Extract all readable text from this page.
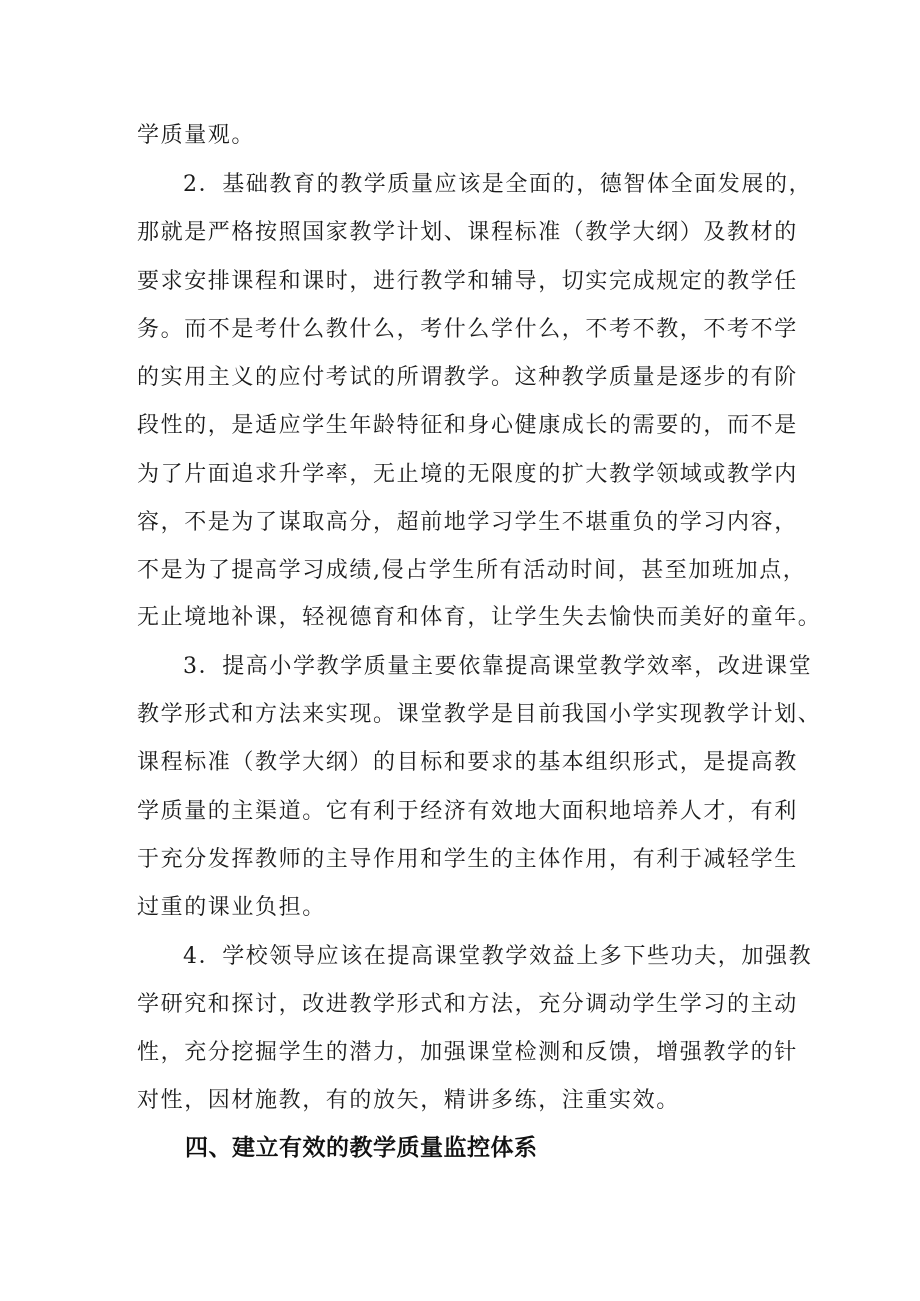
学质量观。
2．基础教育的教学质量应该是全面的，德智体全面发展的，
那就是严格按照国家教学计划、课程标准（教学大纲）及教材的
要求安排课程和课时，进行教学和辅导，切实完成规定的教学任
务。而不是考什么教什么，考什么学什么，不考不教，不考不学
的实用主义的应付考试的所谓教学。这种教学质量是逐步的有阶
段性的，是适应学生年龄特征和身心健康成长的需要的，而不是
为了片面追求升学率，无止境的无限度的扩大教学领域或教学内
容，不是为了谋取高分，超前地学习学生不堪重负的学习内容，
不是为了提高学习成绩,侵占学生所有活动时间，甚至加班加点，
无止境地补课，轻视德育和体育，让学生失去愉快而美好的童年。
3．提高小学教学质量主要依靠提高课堂教学效率，改进课堂
教学形式和方法来实现。课堂教学是目前我国小学实现教学计划、
课程标准（教学大纲）的目标和要求的基本组织形式，是提高教
学质量的主渠道。它有利于经济有效地大面积地培养人才，有利
于充分发挥教师的主导作用和学生的主体作用，有利于减轻学生
过重的课业负担。
4．学校领导应该在提高课堂教学效益上多下些功夫，加强教
学研究和探讨，改进教学形式和方法，充分调动学生学习的主动
性，充分挖掘学生的潜力，加强课堂检测和反馈，增强教学的针
对性，因材施教，有的放矢，精讲多练，注重实效。
四、建立有效的教学质量监控体系
